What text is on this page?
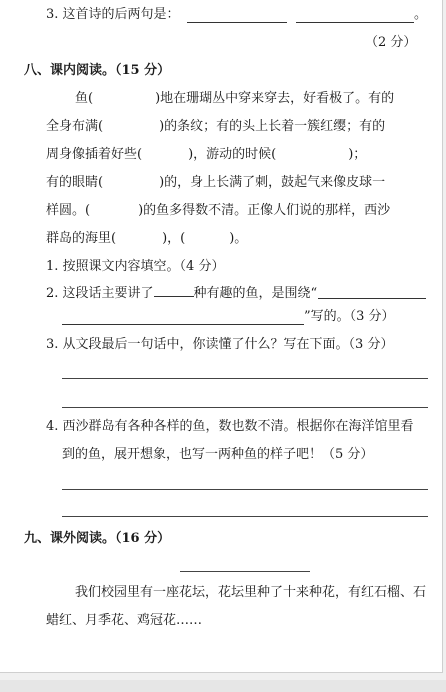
3. 这首诗的后两句是：	。
（2 分）
八、课内阅读。（15 分）
鱼(	)地在珊瑚丛中穿来穿去，好看极了。有的
全身布满(	)的条纹；有的头上长着一簇红缨；有的
周身像插着好些(	)，游动的时候(	)；
有的眼睛(	)的，身上长满了刺，鼓起气来像皮球一
样圆。(	)的鱼多得数不清。正像人们说的那样，西沙
群岛的海里(	)，(	)。
1. 按照课文内容填空。（4 分）
2. 这段话主要讲了	种有趣的鱼，是围绕“
”写的。（3 分）
3. 从文段最后一句话中，你读懂了什么？写在下面。（3 分）
4. 西沙群岛有各种各样的鱼，数也数不清。根据你在海洋馆里看
到的鱼，展开想象，也写一两种鱼的样子吧！（5 分）
九、课外阅读。（16 分）
我们校园里有一座花坛，花坛里种了十来种花，有红石榴、石
蜡红、月季花、鸡冠花……
